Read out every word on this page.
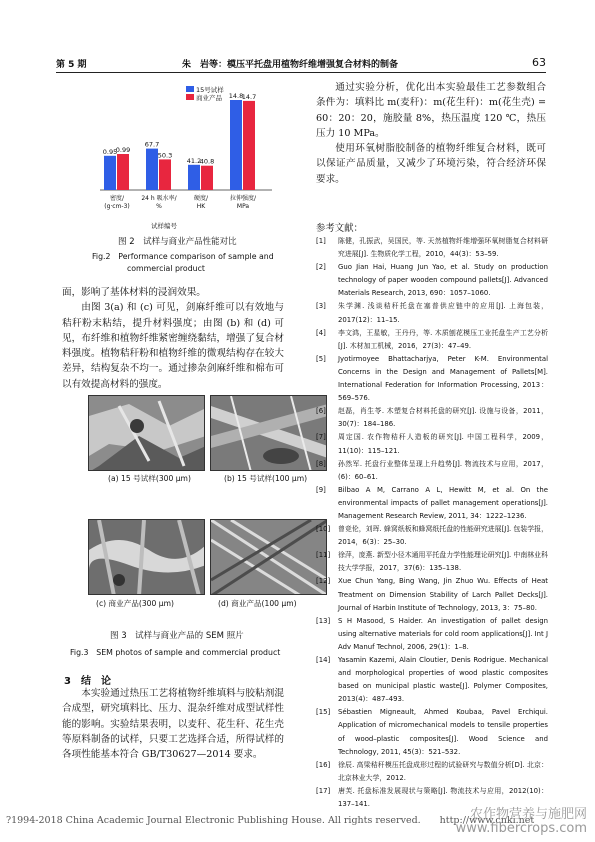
第 5 期	朱　岩等：模压平托盘用植物纤维增强复合材料的制备	63
0.95
0.99
密度/
(g·cm-3)
67.7
50.3
24 h 吸水率/
%
41.2
40.8
硬度/
HK
14.8
14.7
拉伸强度/
MPa
试样编号
15号试样
商业产品
图 2　试样与商业产品性能对比
Fig.2　Performance comparison of sample and
commercial product
面，影响了基体材料的浸润效果。

由图 3(a) 和 (c) 可见，剑麻纤维可以有效地与秸秆粉末粘结，提升材料强度；由图 (b) 和 (d) 可见，布纤维和植物纤维紧密缠绕黏结，增强了复合材料强度。植物秸秆粉和植物纤维的微观结构存在较大差异，结构复杂不均一。通过掺杂剑麻纤维和棉布可以有效提高材料的强度。

(a) 15 号试样(300 μm)	(b) 15 号试样(100 μm)
(c) 商业产品(300 μm)	(d) 商业产品(100 μm)
图 3　试样与商业产品的 SEM 照片
Fig.3　SEM photos of sample and commercial product
3　结　论

本实验通过热压工艺将植物纤维填料与胶粘剂混合成型，研究填料比、压力、混杂纤维对成型试样性能的影响。实验结果表明，以麦秆、花生秆、花生壳等原料制备的试样，只要工艺选择合适，所得试样的各项性能基本符合 GB/T30627—2014 要求。

通过实验分析，优化出本实验最佳工艺参数组合条件为：填料比 m(麦秆)：m(花生秆)：m(花生壳) = 60：20：20，施胶量 8%，热压温度 120 ℃，热压压力 10 MPa。

使用环氧树脂胶制备的植物纤维复合材料，既可以保证产品质量，又减少了环境污染，符合经济环保要求。

参考文献：
[1] 陈健，孔振武，吴国民，等. 天然植物纤维增强环氧树脂复合材料研究进展[J]. 生物质化学工程，2010，44(3)：53–59.
[2] Guo Jian Hai, Huang Jun Yao, et al. Study on production technology of paper wooden compound pallets[J]. Advanced Materials Research, 2013, 690：1057–1060.
[3] 朱学渊. 浅谈秸秆托盘在塞普供应链中的应用[J]. 上海包装，2017(12)：11–15.
[4] 李文鸿，王星敏，王丹丹，等. 木质刨花模压工业托盘生产工艺分析[J]. 木材加工机械，2016，27(3)：47–49.
[5] Jyotirmoyee Bhattacharjya, Peter K-M. Environmental Concerns in the Design and Management of Pallets[M]. International Federation for Information Processing, 2013：569–576.
[6] 赵磊，肖生苓. 木塑复合材料托盘的研究[J]. 设施与设备，2011，30(7)：184–186.
[7] 周定国. 农作物秸秆人造板的研究[J]. 中国工程科学，2009，11(10)：115–121.
[8] 孙然军. 托盘行业整体呈现上升趋势[J]. 物流技术与应用，2017，(6)：60–61.
[9] Bilbao A M, Carrano A L, Hewitt M, et al. On the environmental impacts of pallet management operations[J]. Management Research Review, 2011, 34：1222–1236.
[10] 曾竞伦，刘珲. 蜂窝纸板和蜂窝纸托盘的性能研究进展[J]. 包装学报，2014，6(3)：25–30.
[11] 徐萍，庞燕. 新型小径木通用平托盘力学性能理论研究[J]. 中南林业科技大学学报，2017，37(6)：135–138.
[12] Xue Chun Yang, Bing Wang, Jin Zhuo Wu. Effects of Heat Treatment on Dimension Stability of Larch Pallet Decks[J]. Journal of Harbin Institute of Technology, 2013, 3：75–80.
[13] S H Masood, S Haider. An investigation of pallet design using alternative materials for cold room applications[J]. Int J Adv Manuf Technol, 2006, 29(1)：1–8.
[14] Yasamin Kazemi, Alain Cloutier, Denis Rodrigue. Mechanical and morphological properties of wood plastic composites based on municipal plastic waste[J]. Polymer Composites, 2013(4)：487–493.
[15] Sébastien Migneault, Ahmed Koubaa, Pavel Erchiqui. Application of micromechanical models to tensile properties of wood–plastic composites[J]. Wood Science and Technology, 2011, 45(3)：521–532.
[16] 徐辰. 高梁秸秆模压托盘成形过程的试验研究与数值分析[D]. 北京：北京林业大学，2012.
[17] 唐芙. 托盘标准发展现状与策略[J]. 物流技术与应用，2012(10)：137–141.
?1994-2018 China Academic Journal Electronic Publishing House. All rights reserved.　　http://www.cnki.net
农作物营养与施肥网
www.fibercrops.com
